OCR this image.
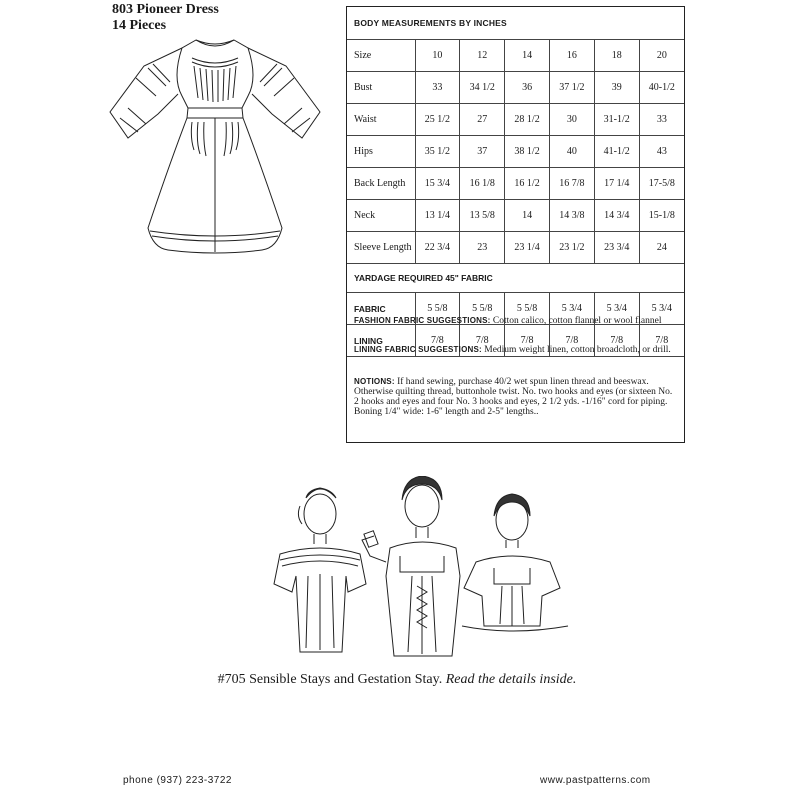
803 Pioneer Dress
14 Pieces	BODY MEASUREMENTS BY INCHES						
Size	10	12	14	16	18	20
Bust	33	34 1/2	36	37 1/2	39	40-1/2
Waist	25 1/2	27	28 1/2	30	31-1/2	33
Hips	35 1/2	37	38 1/2	40	41-1/2	43
Back Length	15 3/4	16 1/8	16 1/2	16 7/8	17 1/4	17-5/8
Neck	13 1/4	13 5/8	14	14 3/8	14 3/4	15-1/8
Sleeve Length	22 3/4	23	23 1/4	23 1/2	23 3/4	24
YARDAGE REQUIRED 45" FABRIC						
FABRIC	5 5/8	5 5/8	5 5/8	5 3/4	5 3/4	5 3/4
LINING	7/8	7/8	7/8	7/8	7/8	7/8
FASHION FABRIC SUGGESTIONS: Cotton calico, cotton flannel or wool flannel
LINING FABRIC SUGGESTIONS: Medium weight linen, cotton broadcloth, or drill.
NOTIONS: If hand sewing, purchase 40/2 wet spun linen thread and beeswax. Otherwise quilting thread, buttonhole twist. No. two hooks and eyes (or sixteen No. 2 hooks and eyes and four No. 3 hooks and eyes, 2 1/2 yds. -1/16" cord for piping. Boning 1/4" wide: 1-6" length and 2-5" lengths..
#705 Sensible Stays and Gestation Stay. Read the details inside.
phone (937) 223-3722	www.pastpatterns.com
